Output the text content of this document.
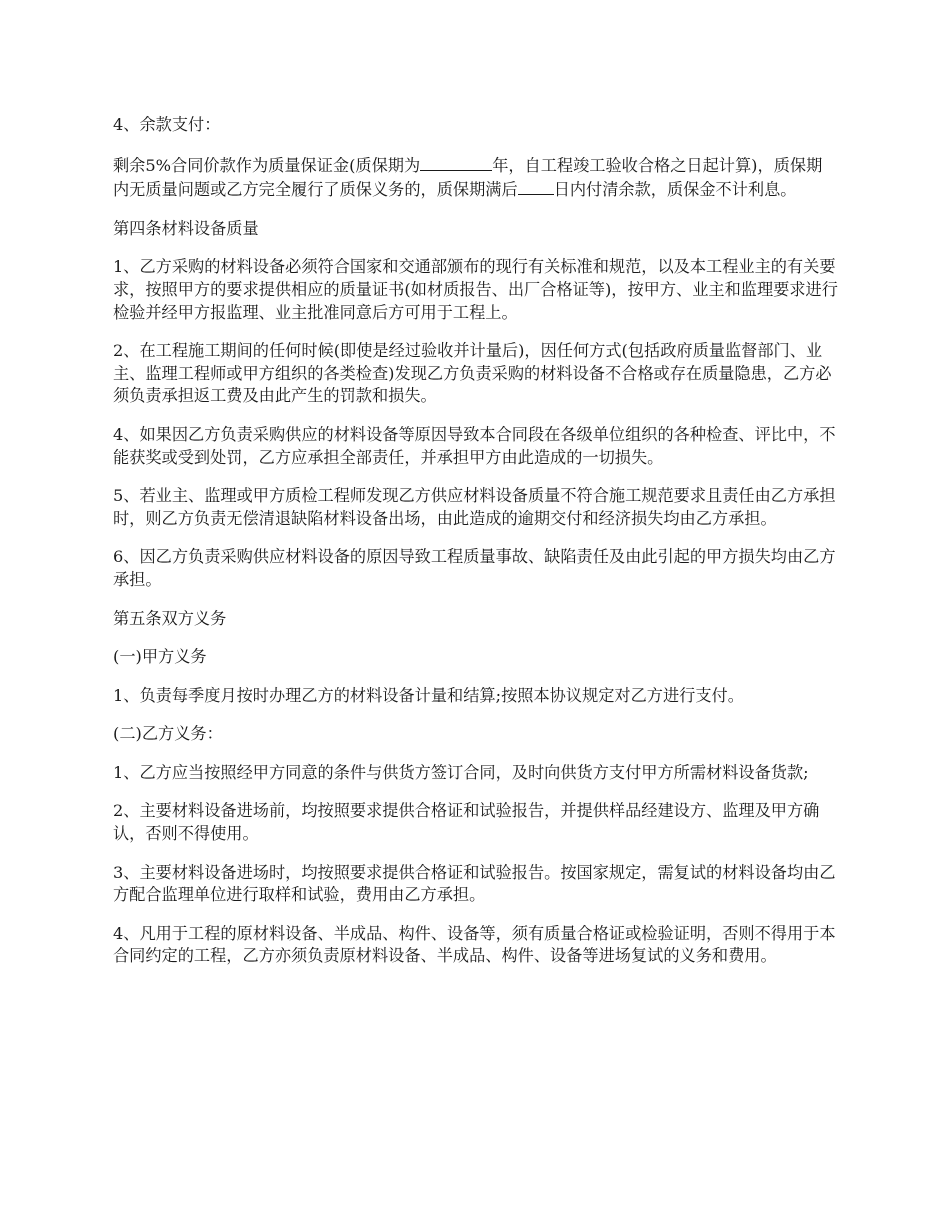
4、余款支付：

剩余5%合同价款作为质量保证金(质保期为	年，自工程竣工验收合格之日起计算)，质保期内无质量问题或乙方完全履行了质保义务的，质保期满后 日内付清余款，质保金不计利息。

第四条材料设备质量

1、乙方采购的材料设备必须符合国家和交通部颁布的现行有关标准和规范，以及本工程业主的有关要求，按照甲方的要求提供相应的质量证书(如材质报告、出厂合格证等)，按甲方、业主和监理要求进行检验并经甲方报监理、业主批准同意后方可用于工程上。

2、在工程施工期间的任何时候(即使是经过验收并计量后)，因任何方式(包括政府质量监督部门、业主、监理工程师或甲方组织的各类检查)发现乙方负责采购的材料设备不合格或存在质量隐患，乙方必须负责承担返工费及由此产生的罚款和损失。

4、如果因乙方负责采购供应的材料设备等原因导致本合同段在各级单位组织的各种检查、评比中，不能获奖或受到处罚，乙方应承担全部责任，并承担甲方由此造成的一切损失。

5、若业主、监理或甲方质检工程师发现乙方供应材料设备质量不符合施工规范要求且责任由乙方承担时，则乙方负责无偿清退缺陷材料设备出场，由此造成的逾期交付和经济损失均由乙方承担。

6、因乙方负责采购供应材料设备的原因导致工程质量事故、缺陷责任及由此引起的甲方损失均由乙方承担。

第五条双方义务

(一)甲方义务

1、负责每季度月按时办理乙方的材料设备计量和结算;按照本协议规定对乙方进行支付。

(二)乙方义务：

1、乙方应当按照经甲方同意的条件与供货方签订合同，及时向供货方支付甲方所需材料设备货款;

2、主要材料设备进场前，均按照要求提供合格证和试验报告，并提供样品经建设方、监理及甲方确认，否则不得使用。

3、主要材料设备进场时，均按照要求提供合格证和试验报告。按国家规定，需复试的材料设备均由乙方配合监理单位进行取样和试验，费用由乙方承担。

4、凡用于工程的原材料设备、半成品、构件、设备等，须有质量合格证或检验证明，否则不得用于本合同约定的工程，乙方亦须负责原材料设备、半成品、构件、设备等进场复试的义务和费用。
